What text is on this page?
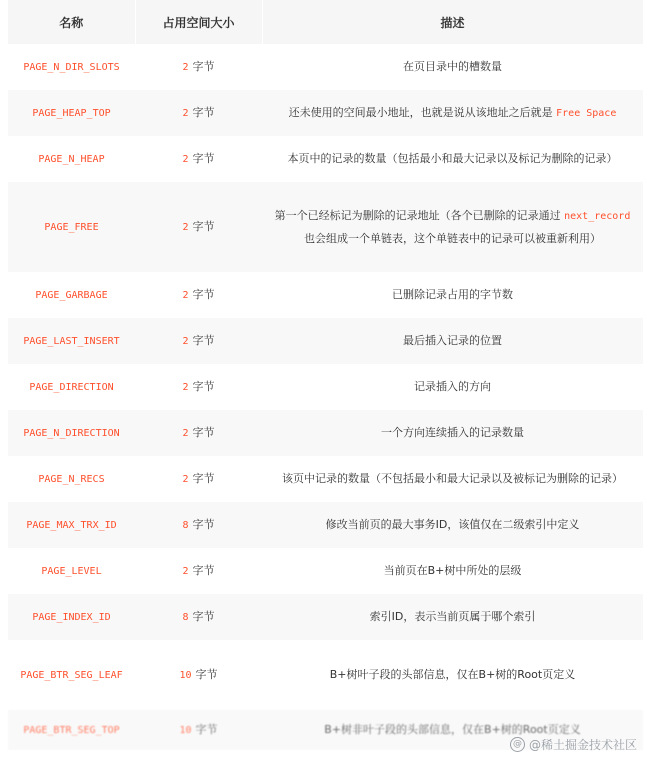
名称	占用空间大小	描述
PAGE_N_DIR_SLOTS	2 字节	在页目录中的槽数量
PAGE_HEAP_TOP	2 字节	还未使用的空间最小地址，也就是说从该地址之后就是 Free Space
PAGE_N_HEAP	2 字节	本页中的记录的数量（包括最小和最大记录以及标记为删除的记录）
PAGE_FREE	2 字节	第一个已经标记为删除的记录地址（各个已删除的记录通过 next_record 也会组成一个单链表，这个单链表中的记录可以被重新利用）
PAGE_GARBAGE	2 字节	已删除记录占用的字节数
PAGE_LAST_INSERT	2 字节	最后插入记录的位置
PAGE_DIRECTION	2 字节	记录插入的方向
PAGE_N_DIRECTION	2 字节	一个方向连续插入的记录数量
PAGE_N_RECS	2 字节	该页中记录的数量（不包括最小和最大记录以及被标记为删除的记录）
PAGE_MAX_TRX_ID	8 字节	修改当前页的最大事务ID，该值仅在二级索引中定义
PAGE_LEVEL	2 字节	当前页在B+树中所处的层级
PAGE_INDEX_ID	8 字节	索引ID，表示当前页属于哪个索引
PAGE_BTR_SEG_LEAF	10 字节	B+树叶子段的头部信息，仅在B+树的Root页定义
PAGE_BTR_SEG_TOP	10 字节	B+树非叶子段的头部信息，仅在B+树的Root页定义
@ @稀土掘金技术社区
